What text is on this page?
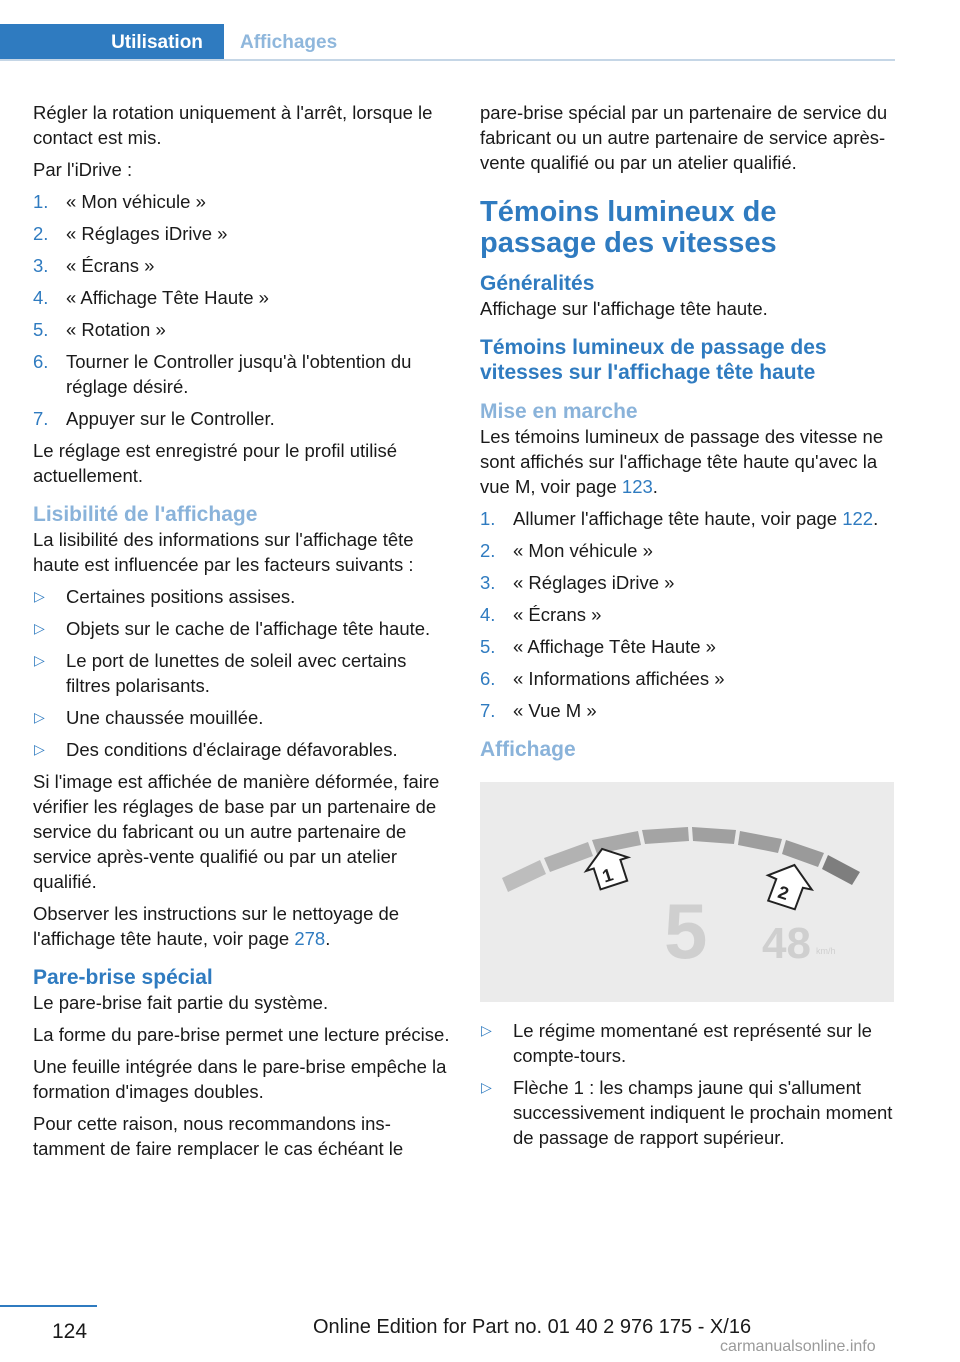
Utilisation Affichages

Régler la rotation uniquement à l'arrêt, lorsque le contact est mis.

Par l'iDrive :

1. « Mon véhicule »
2. « Réglages iDrive »
3. « Écrans »
4. « Affichage Tête Haute »
5. « Rotation »
6. Tourner le Controller jusqu'à l'obtention du réglage désiré.
7. Appuyer sur le Controller.

Le réglage est enregistré pour le profil utilisé actuellement.

Lisibilité de l'affichage

La lisibilité des informations sur l'affichage tête haute est influencée par les facteurs suivants :

▷ Certaines positions assises.
▷ Objets sur le cache de l'affichage tête haute.
▷ Le port de lunettes de soleil avec certains filtres polarisants.
▷ Une chaussée mouillée.
▷ Des conditions d'éclairage défavorables.

Si l'image est affichée de manière déformée, faire vérifier les réglages de base par un partenaire de service du fabricant ou un autre partenaire de service après-vente qualifié ou par un atelier qualifié.

Observer les instructions sur le nettoyage de l'affichage tête haute, voir page 278.

Pare-brise spécial

Le pare-brise fait partie du système.

La forme du pare-brise permet une lecture précise.

Une feuille intégrée dans le pare-brise empêche la formation d'images doubles.

Pour cette raison, nous recommandons instamment de faire remplacer le cas échéant le

pare-brise spécial par un partenaire de service du fabricant ou un autre partenaire de service après-vente qualifié ou par un atelier qualifié.

Témoins lumineux de passage des vitesses
Généralités

Affichage sur l'affichage tête haute.

Témoins lumineux de passage des vitesses sur l'affichage tête haute
Mise en marche

Les témoins lumineux de passage des vitesse ne sont affichés sur l'affichage tête haute qu'avec la vue M, voir page 123.

1. Allumer l'affichage tête haute, voir page 122.
2. « Mon véhicule »
3. « Réglages iDrive »
4. « Écrans »
5. « Affichage Tête Haute »
6. « Informations affichées »
7. « Vue M »
Affichage
1
2
5 48 km/h
▷ Le régime momentané est représenté sur le compte-tours.
▷ Flèche 1 : les champs jaune qui s'allument successivement indiquent le prochain moment de passage de rapport supérieur.
124	Online Edition for Part no. 01 40 2 976 175 - X/16
carmanualsonline.info
